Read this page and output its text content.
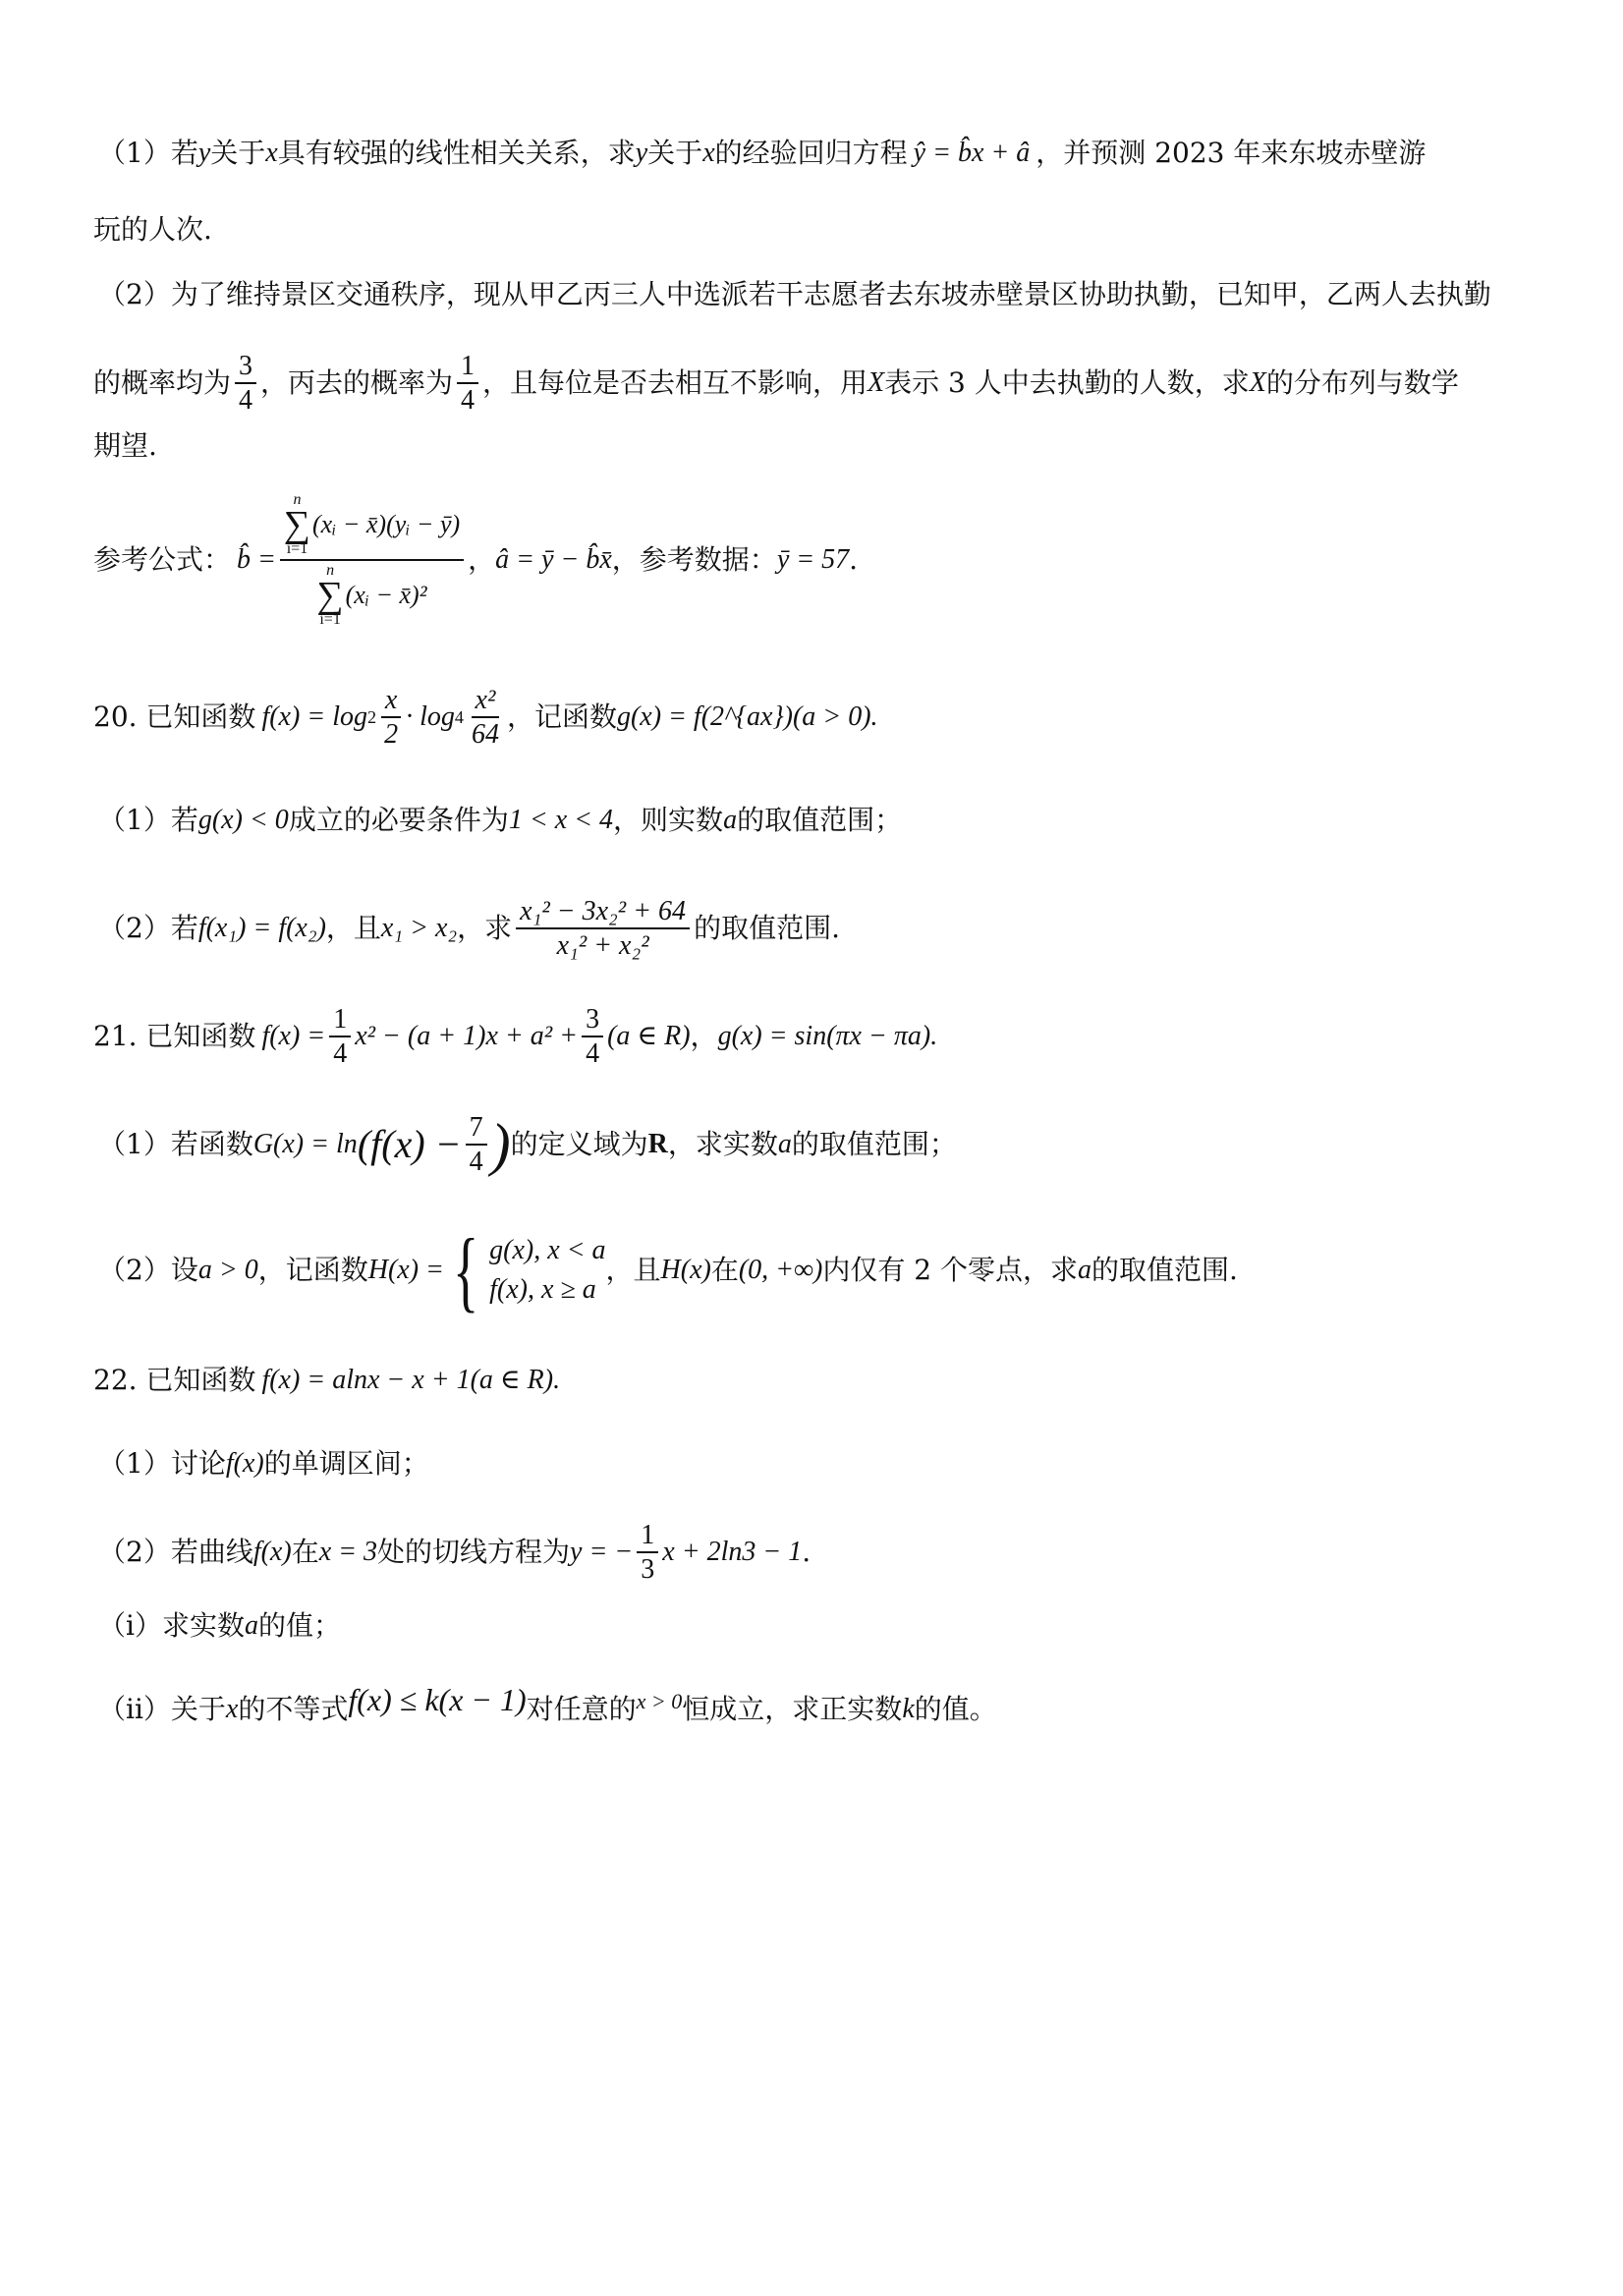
（1）若 y 关于 x 具有较强的线性相关关系，求 y 关于 x 的经验回归方程 ŷ = b̂x + â ，并预测 2023 年来东坡赤壁游
玩的人次.
（2）为了维持景区交通秩序，现从甲乙丙三人中选派若干志愿者去东坡赤壁景区协助执勤，已知甲，乙两人去执勤
的概率均为 $\frac{3}{4}$ ，丙去的概率为 $\frac{1}{4}$ ，且每位是否去相互不影响，用 X 表示 3 人中去执勤的人数，求 X 的分布列与数学
期望.
参考公式： b̂ =
n
∑
i=1
(xᵢ − x̄)(yᵢ − ȳ)
n
∑
i=1
(xᵢ − x̄)²
， â = ȳ − b̂x̄ ，参考数据： ȳ = 57 .
20. 已知函数 $f(x) = \log 2 \frac{x}{2} \cdot \log 4 \frac{\text{x²}}{64}$ ，记函数 g(x) = f(2^{ax})(a > 0).
（1）若 g(x) < 0 成立的必要条件为 1 < x < 4 ，则实数 a 的取值范围；
（2）若 f(x₁) = f(x₂) ，且 x₁ > x₂ ，求 $\frac{\text{x₁² − 3x₂² + 64}}{\text{x₁² + x₂²}}$ 的取值范围.
21. 已知函数 $f(x) = \frac{1}{4} x^2 - (a + 1)x + a^2 + \frac{3}{4} (a$ ∈ R) ， g(x) = sin(πx − πa).
（1）若函数 $G(x) = \ln (f(x) - \frac{7}{4}$ ) 的定义域为 R ，求实数 a 的取值范围；
（2）设 a > 0 ，记函数 H(x) = { g(x), x < a
f(x), x ≥ a
，且 H(x) 在 (0, +∞) 内仅有 2 个零点，求 a 的取值范围.
22. 已知函数 f(x) = alnx − x + 1(a ∈ R).
（1）讨论 f(x) 的单调区间；
（2）若曲线 f(x) 在 x = 3 处的切线方程为 y = − $\frac{1}{3}$ x + 2ln3 − 1 .
（i）求实数 a 的值；
（ii）关于 x 的不等式 f(x) ≤ k(x − 1) 对任意的 x > 0 恒成立，求正实数 k 的值。
